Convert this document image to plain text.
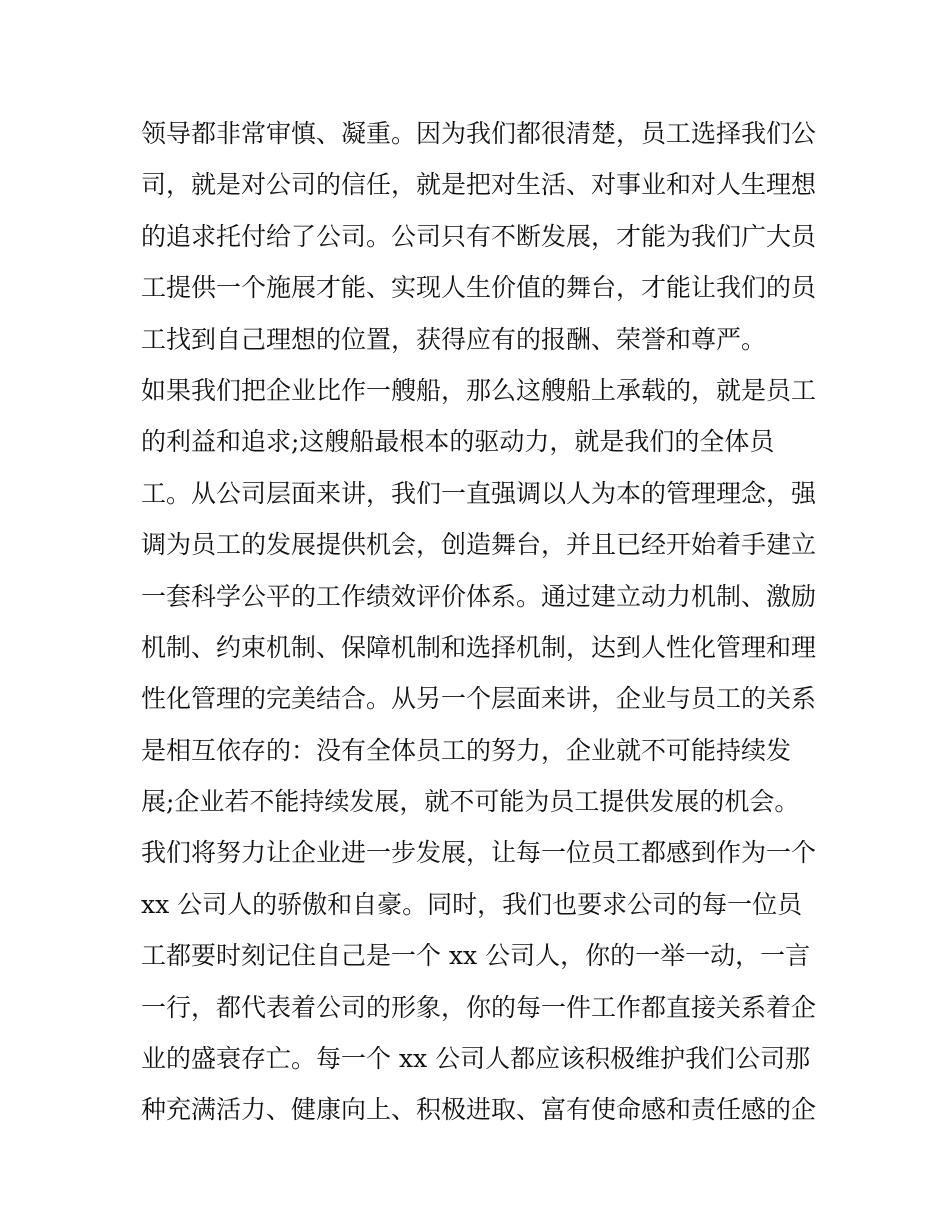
领导都非常审慎、凝重。因为我们都很清楚，员工选择我们公
司，就是对公司的信任，就是把对生活、对事业和对人生理想
的追求托付给了公司。公司只有不断发展，才能为我们广大员
工提供一个施展才能、实现人生价值的舞台，才能让我们的员
工找到自己理想的位置，获得应有的报酬、荣誉和尊严。
如果我们把企业比作一艘船，那么这艘船上承载的，就是员工
的利益和追求;这艘船最根本的驱动力，就是我们的全体员
工。从公司层面来讲，我们一直强调以人为本的管理理念，强
调为员工的发展提供机会，创造舞台，并且已经开始着手建立
一套科学公平的工作绩效评价体系。通过建立动力机制、激励
机制、约束机制、保障机制和选择机制，达到人性化管理和理
性化管理的完美结合。从另一个层面来讲，企业与员工的关系
是相互依存的：没有全体员工的努力，企业就不可能持续发
展;企业若不能持续发展，就不可能为员工提供发展的机会。
我们将努力让企业进一步发展，让每一位员工都感到作为一个
xx 公司人的骄傲和自豪。同时，我们也要求公司的每一位员
工都要时刻记住自己是一个 xx 公司人，你的一举一动，一言
一行，都代表着公司的形象，你的每一件工作都直接关系着企
业的盛衰存亡。每一个 xx 公司人都应该积极维护我们公司那
种充满活力、健康向上、积极进取、富有使命感和责任感的企
